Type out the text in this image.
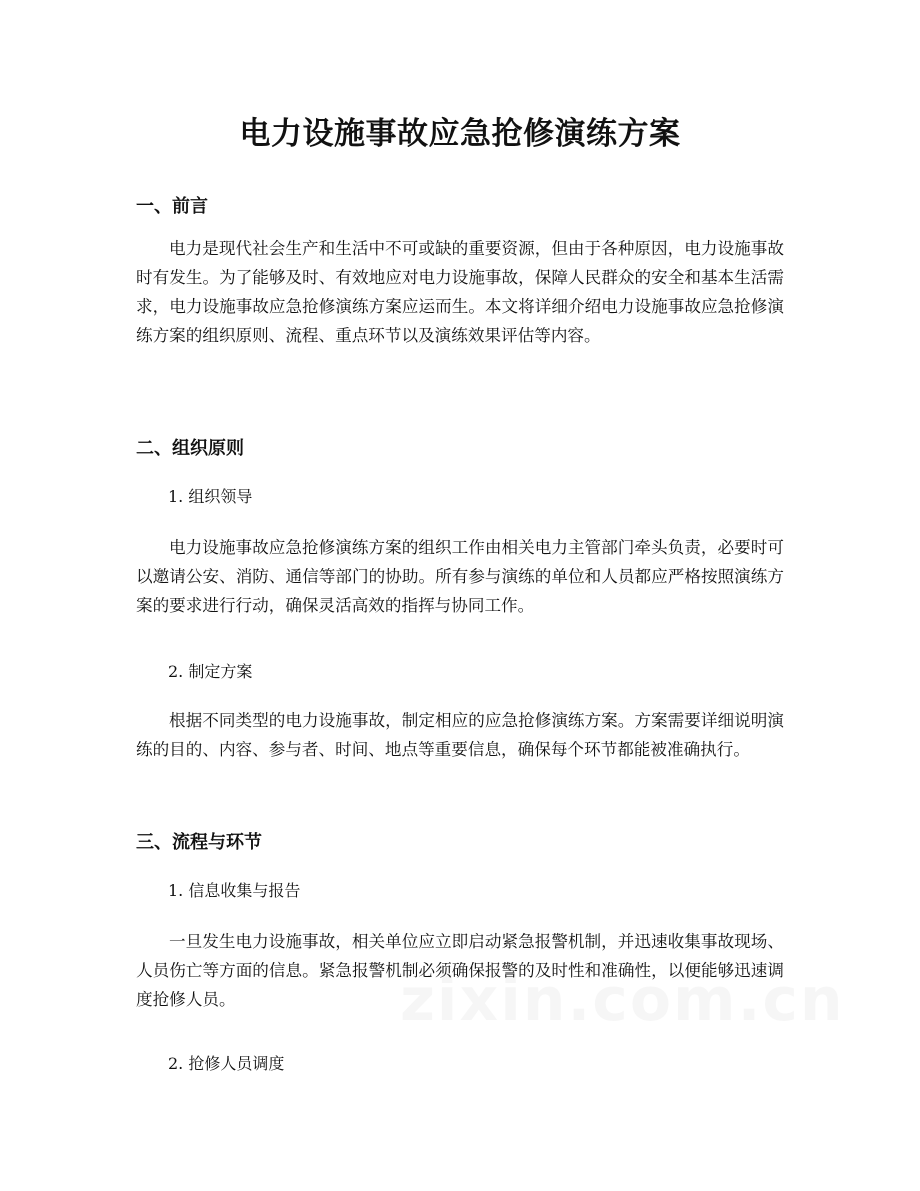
电力设施事故应急抢修演练方案
一、前言
电力是现代社会生产和生活中不可或缺的重要资源，但由于各种原因，电力设施事故时有发生。为了能够及时、有效地应对电力设施事故，保障人民群众的安全和基本生活需求，电力设施事故应急抢修演练方案应运而生。本文将详细介绍电力设施事故应急抢修演练方案的组织原则、流程、重点环节以及演练效果评估等内容。
二、组织原则
1. 组织领导
电力设施事故应急抢修演练方案的组织工作由相关电力主管部门牵头负责，必要时可以邀请公安、消防、通信等部门的协助。所有参与演练的单位和人员都应严格按照演练方案的要求进行行动，确保灵活高效的指挥与协同工作。
2. 制定方案
根据不同类型的电力设施事故，制定相应的应急抢修演练方案。方案需要详细说明演练的目的、内容、参与者、时间、地点等重要信息，确保每个环节都能被准确执行。
三、流程与环节
1. 信息收集与报告
一旦发生电力设施事故，相关单位应立即启动紧急报警机制，并迅速收集事故现场、人员伤亡等方面的信息。紧急报警机制必须确保报警的及时性和准确性，以便能够迅速调度抢修人员。
2. 抢修人员调度
